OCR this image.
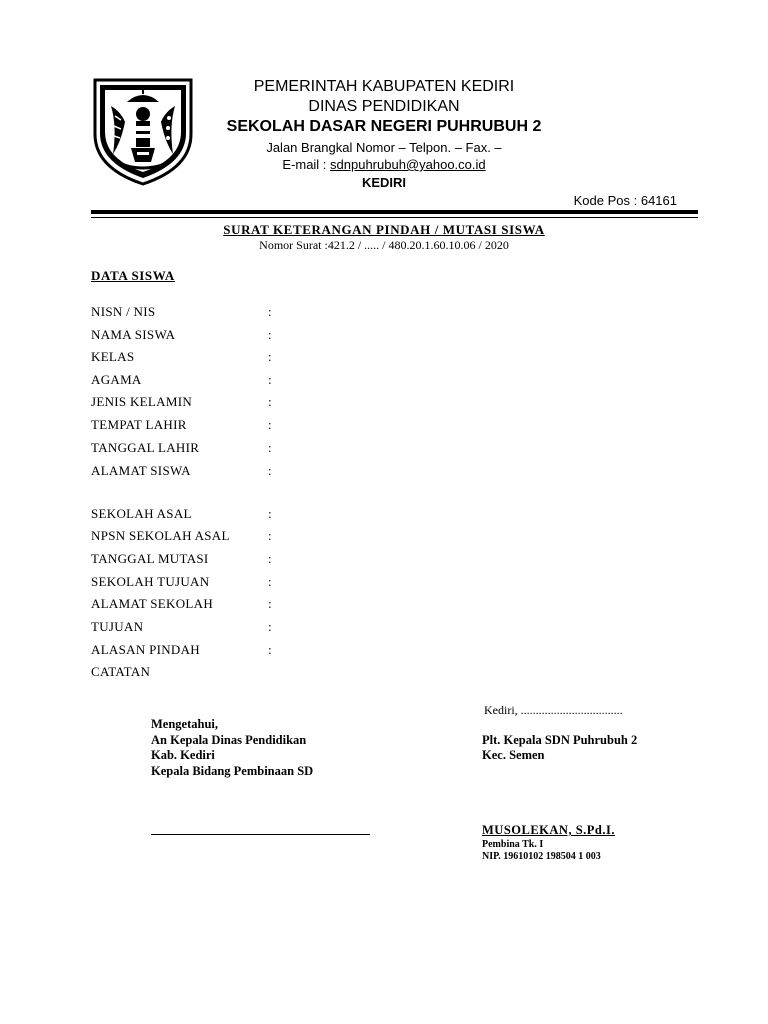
PEMERINTAH KABUPATEN KEDIRI
DINAS PENDIDIKAN
SEKOLAH DASAR NEGERI PUHRUBUH 2
Jalan Brangkal Nomor – Telpon. – Fax. –
E-mail : sdnpuhrubuh@yahoo.co.id
KEDIRI
Kode Pos : 64161
SURAT KETERANGAN PINDAH / MUTASI SISWA
Nomor Surat :421.2 / ..... / 480.20.1.60.10.06 / 2020
DATA SISWA
NISN / NIS	:
NAMA SISWA	:
KELAS	:
AGAMA	:
JENIS KELAMIN	:
TEMPAT LAHIR	:
TANGGAL LAHIR	:
ALAMAT SISWA	:
SEKOLAH ASAL	:
NPSN SEKOLAH ASAL	:
TANGGAL MUTASI	:
SEKOLAH TUJUAN	:
ALAMAT SEKOLAH	:
TUJUAN	:
ALASAN PINDAH	:
CATATAN
Kediri, ..................................
Mengetahui,
An Kepala Dinas Pendidikan
Kab. Kediri
Kepala Bidang Pembinaan SD
Plt. Kepala SDN Puhrubuh 2
Kec. Semen
MUSOLEKAN, S.Pd.I.
Pembina Tk. I
NIP. 19610102 198504 1 003
